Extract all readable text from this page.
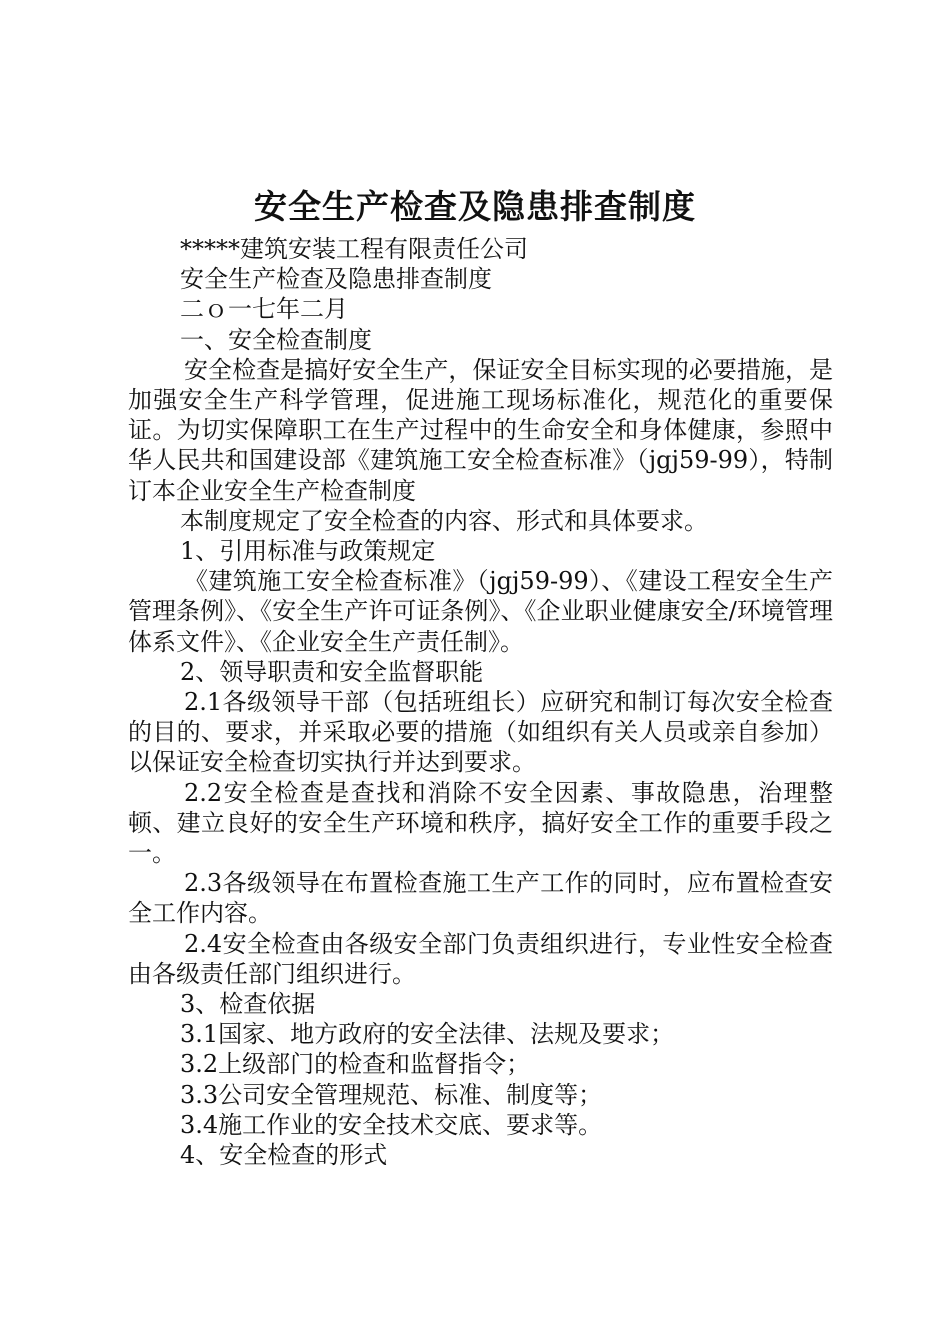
安全生产检查及隐患排查制度

*****建筑安装工程有限责任公司

安全生产检查及隐患排查制度

二ｏ一七年二月

一、安全检查制度

安全检查是搞好安全生产，保证安全目标实现的必要措施，是加强安全生产科学管理，促进施工现场标准化，规范化的重要保证。为切实保障职工在生产过程中的生命安全和身体健康，参照中华人民共和国建设部《建筑施工安全检查标准》（jgj59-99），特制订本企业安全生产检查制度

本制度规定了安全检查的内容、形式和具体要求。

1、引用标准与政策规定

《建筑施工安全检查标准》（jgj59-99）、《建设工程安全生产管理条例》、《安全生产许可证条例》、《企业职业健康安全/环境管理体系文件》、《企业安全生产责任制》。

2、领导职责和安全监督职能

2.1各级领导干部（包括班组长）应研究和制订每次安全检查的目的、要求，并采取必要的措施（如组织有关人员或亲自参加）以保证安全检查切实执行并达到要求。

2.2安全检查是查找和消除不安全因素、事故隐患，治理整顿、建立良好的安全生产环境和秩序，搞好安全工作的重要手段之一。

2.3各级领导在布置检查施工生产工作的同时，应布置检查安全工作内容。

2.4安全检查由各级安全部门负责组织进行，专业性安全检查由各级责任部门组织进行。

3、检查依据

3.1国家、地方政府的安全法律、法规及要求；

3.2上级部门的检查和监督指令；

3.3公司安全管理规范、标准、制度等；

3.4施工作业的安全技术交底、要求等。

4、安全检查的形式
